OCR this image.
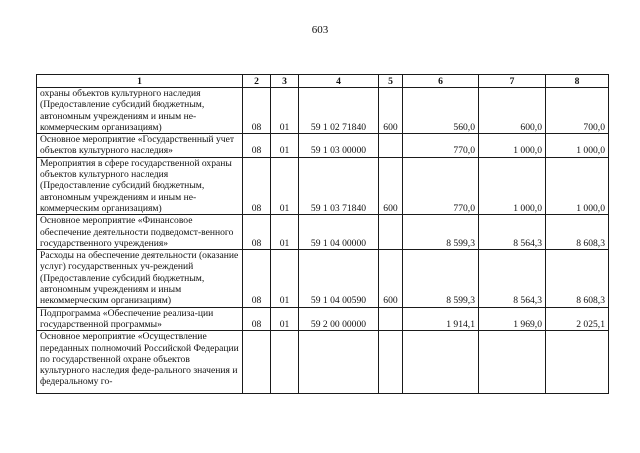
603
1	2	3	4	5	6	7	8
охраны объектов культурного наследия (Предоставление субсидий бюджетным, автономным учреждениям и иным не-коммерческим организациям)	08	01	59 1 02 71840	600	560,0	600,0	700,0
Основное мероприятие «Государственный учет объектов культурного наследия»	08	01	59 1 03 00000		770,0	1 000,0	1 000,0
Мероприятия в сфере государственной охраны объектов культурного наследия (Предоставление субсидий бюджетным, автономным учреждениям и иным не-коммерческим организациям)	08	01	59 1 03 71840	600	770,0	1 000,0	1 000,0
Основное мероприятие «Финансовое обеспечение деятельности подведомст-венного государственного учреждения»	08	01	59 1 04 00000		8 599,3	8 564,3	8 608,3
Расходы на обеспечение деятельности (оказание услуг) государственных уч-реждений (Предоставление субсидий бюджетным, автономным учреждениям и иным некоммерческим организациям)	08	01	59 1 04 00590	600	8 599,3	8 564,3	8 608,3
Подпрограмма «Обеспечение реализа-ции государственной программы»	08	01	59 2 00 00000		1 914,1	1 969,0	2 025,1
Основное мероприятие «Осуществление переданных полномочий Российской Федерации по государственной охране объектов культурного наследия феде-рального значения и федеральному го-							
